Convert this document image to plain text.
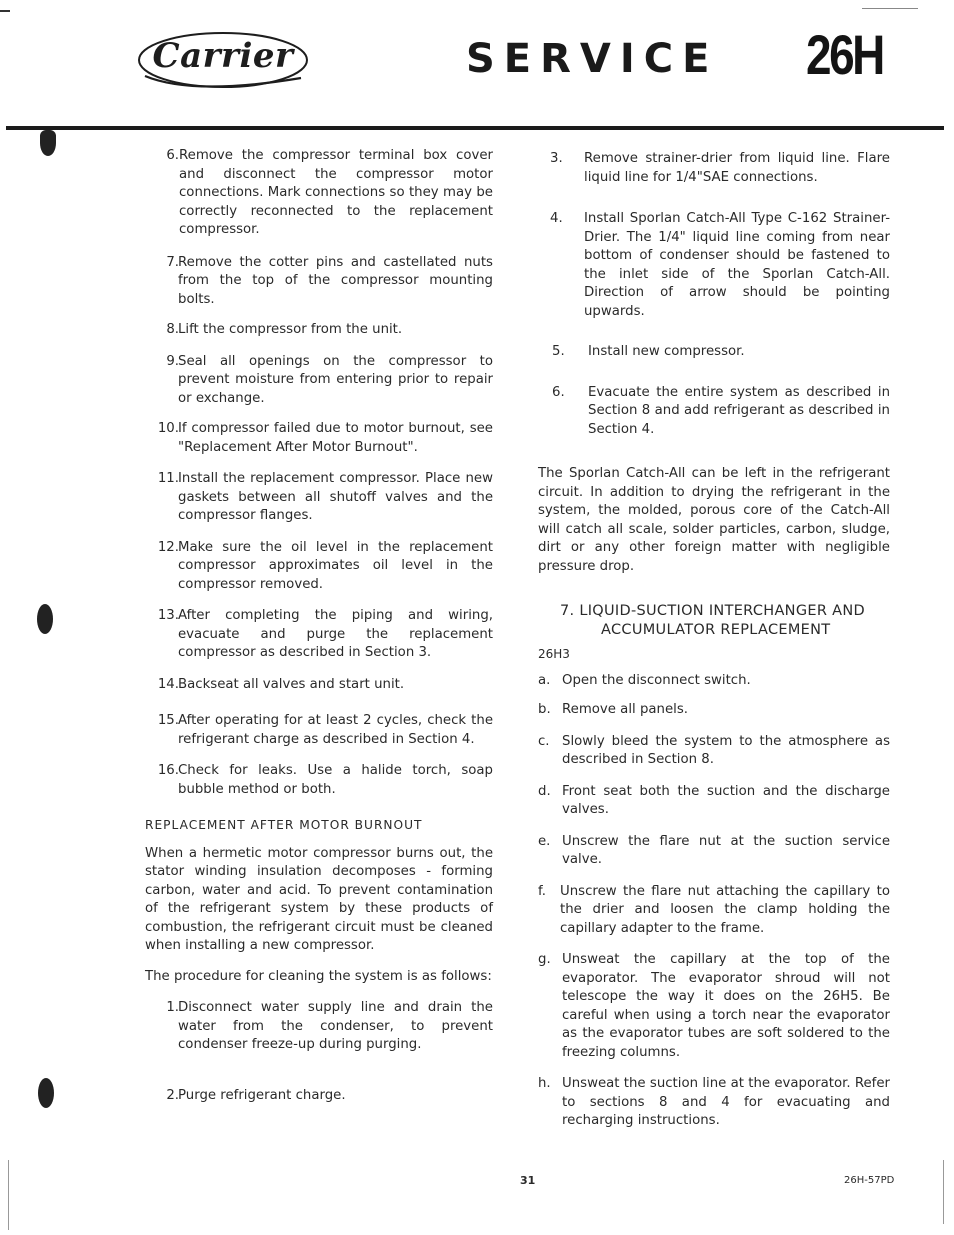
Carrier	SERVICE 26H
6. Remove the compressor terminal box cover and disconnect the compressor motor connections. Mark connections so they may be correctly reconnected to the replacement compressor.
7. Remove the cotter pins and castellated nuts from the top of the compressor mounting bolts.
8. Lift the compressor from the unit.
9. Seal all openings on the compressor to prevent moisture from entering prior to repair or exchange.
10. If compressor failed due to motor burnout, see "Replacement After Motor Burnout".
11. Install the replacement compressor. Place new gaskets between all shutoff valves and the compressor flanges.
12. Make sure the oil level in the replacement compressor approximates oil level in the compressor removed.
13. After completing the piping and wiring, evacuate and purge the replacement compressor as described in Section 3.
14. Backseat all valves and start unit.
15. After operating for at least 2 cycles, check the refrigerant charge as described in Section 4.
16. Check for leaks. Use a halide torch, soap bubble method or both.
REPLACEMENT AFTER MOTOR BURNOUT
When a hermetic motor compressor burns out, the stator winding insulation decomposes - forming carbon, water and acid. To prevent contamination of the refrigerant system by these products of combustion, the refrigerant circuit must be cleaned when installing a new compressor.
The procedure for cleaning the system is as follows:
1. Disconnect water supply line and drain the water from the condenser, to prevent condenser freeze-up during purging.
2. Purge refrigerant charge.
3.	Remove strainer-drier from liquid line. Flare liquid line for 1/4"SAE connections.
4.	Install Sporlan Catch-All Type C-162 Strainer-Drier. The 1/4" liquid line coming from near bottom of condenser should be fastened to the inlet side of the Sporlan Catch-All. Direction of arrow should be pointing upwards.
5.	Install new compressor.
6.	Evacuate the entire system as described in Section 8 and add refrigerant as described in Section 4.
The Sporlan Catch-All can be left in the refrigerant circuit. In addition to drying the refrigerant in the system, the molded, porous core of the Catch-All will catch all scale, solder particles, carbon, sludge, dirt or any other foreign matter with negligible pressure drop.
7. LIQUID-SUCTION INTERCHANGER AND
ACCUMULATOR REPLACEMENT
26H3
a. Open the disconnect switch.
b. Remove all panels.
c. Slowly bleed the system to the atmosphere as described in Section 8.
d. Front seat both the suction and the discharge valves.
e. Unscrew the flare nut at the suction service valve.
f.	Unscrew the flare nut attaching the capillary to the drier and loosen the clamp holding the capillary adapter to the frame.
g. Unsweat the capillary at the top of the evaporator. The evaporator shroud will not telescope the way it does on the 26H5. Be careful when using a torch near the evaporator as the evaporator tubes are soft soldered to the freezing columns.
h. Unsweat the suction line at the evaporator. Refer to sections 8 and 4 for evacuating and recharging instructions.
31	26H-57PD
